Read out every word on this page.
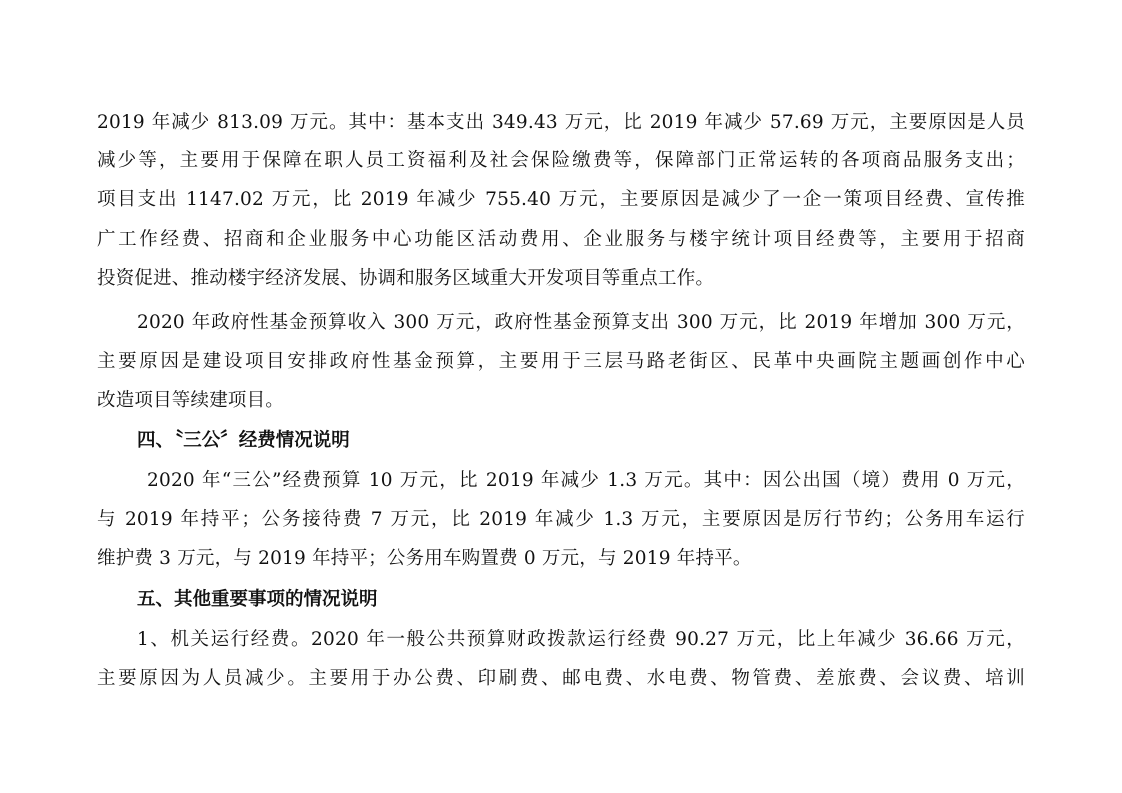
2019 年减少 813.09 万元。其中：基本支出 349.43 万元，比 2019 年减少 57.69 万元，主要原因是人员
减少等，主要用于保障在职人员工资福利及社会保险缴费等，保障部门正常运转的各项商品服务支出；
项目支出 1147.02 万元，比 2019 年减少 755.40 万元，主要原因是减少了一企一策项目经费、宣传推
广工作经费、招商和企业服务中心功能区活动费用、企业服务与楼宇统计项目经费等，主要用于招商
投资促进、推动楼宇经济发展、协调和服务区域重大开发项目等重点工作。
2020 年政府性基金预算收入 300 万元，政府性基金预算支出 300 万元，比 2019 年增加 300 万元，
主要原因是建设项目安排政府性基金预算，主要用于三层马路老街区、民革中央画院主题画创作中心
改造项目等续建项目。
四、〝三公〞经费情况说明
2020 年“三公”经费预算 10 万元，比 2019 年减少 1.3 万元。其中：因公出国（境）费用 0 万元，
与 2019 年持平；公务接待费 7 万元，比 2019 年减少 1.3 万元，主要原因是厉行节约；公务用车运行
维护费 3 万元，与 2019 年持平；公务用车购置费 0 万元，与 2019 年持平。
五、其他重要事项的情况说明
1、机关运行经费。2020 年一般公共预算财政拨款运行经费 90.27 万元，比上年减少 36.66 万元，
主要原因为人员减少。主要用于办公费、印刷费、邮电费、水电费、物管费、差旅费、会议费、培训
